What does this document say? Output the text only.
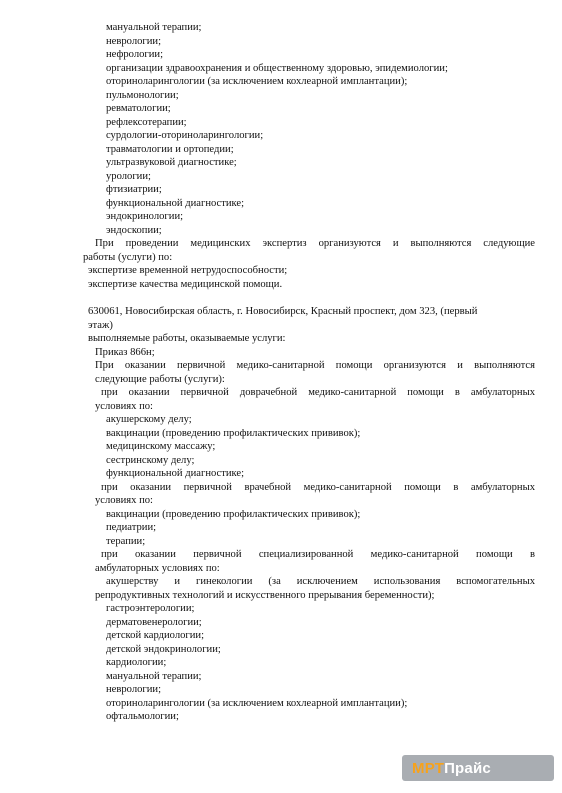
мануальной терапии;
неврологии;
нефрологии;
организации здравоохранения и общественному здоровью, эпидемиологии;
оториноларингологии (за исключением кохлеарной имплантации);
пульмонологии;
ревматологии;
рефлексотерапии;
сурдологии-оториноларингологии;
травматологии и ортопедии;
ультразвуковой диагностике;
урологии;
фтизиатрии;
функциональной диагностике;
эндокринологии;
эндоскопии;
При проведении медицинских экспертиз организуются и выполняются следующие
работы (услуги) по:
экспертизе временной нетрудоспособности;
экспертизе качества медицинской помощи.
630061, Новосибирская область, г. Новосибирск, Красный проспект, дом 323, (первый
этаж)
выполняемые работы, оказываемые услуги:
Приказ 866н;
При оказании первичной медико-санитарной помощи организуются и выполняются
следующие работы (услуги):
при оказании первичной доврачебной медико-санитарной помощи в амбулаторных
условиях по:
акушерскому делу;
вакцинации (проведению профилактических прививок);
медицинскому массажу;
сестринскому делу;
функциональной диагностике;
при оказании первичной врачебной медико-санитарной помощи в амбулаторных
условиях по:
вакцинации (проведению профилактических прививок);
педиатрии;
терапии;
при оказании первичной специализированной медико-санитарной помощи в
амбулаторных условиях по:
акушерству и гинекологии (за исключением использования вспомогательных
репродуктивных технологий и искусственного прерывания беременности);
гастроэнтерологии;
дерматовенерологии;
детской кардиологии;
детской эндокринологии;
кардиологии;
мануальной терапии;
неврологии;
оториноларингологии (за исключением кохлеарной имплантации);
офтальмологии;
МРТ Прайс
